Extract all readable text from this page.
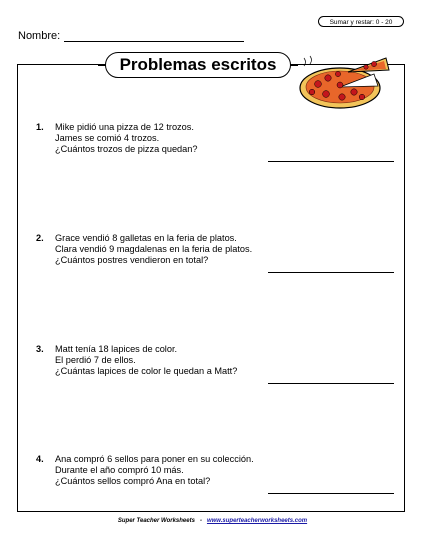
Sumar y restar: 0 - 20
Nombre:
Problemas escritos
1. Mike pidió una pizza de 12 trozos.
James se comió 4 trozos.
¿Cuántos trozos de pizza quedan?
2. Grace vendió 8 galletas en la feria de platos.
Clara vendió 9 magdalenas en la feria de platos.
¿Cuántos postres vendieron en total?
3. Matt tenía 18 lapices de color.
El perdió 7 de ellos.
¿Cuántas lapices de color le quedan a Matt?
4. Ana compró 6 sellos para poner en su colección.
Durante el año compró 10 más.
¿Cuántos sellos compró Ana en total?
Super Teacher Worksheets - www.superteacherworksheets.com
